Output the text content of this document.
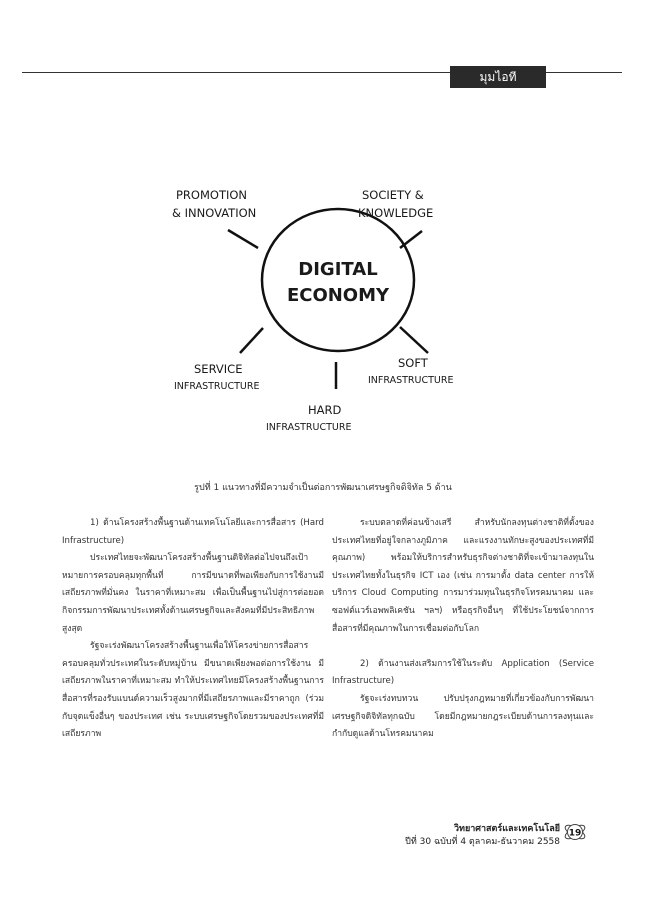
มุมไอที
DIGITAL
ECONOMY
PROMOTION
& INNOVATION
SOCIETY &
KNOWLEDGE
SERVICE
INFRASTRUCTURE
SOFT
INFRASTRUCTURE
HARD
INFRASTRUCTURE
รูปที่ 1 แนวทางที่มีความจำเป็นต่อการพัฒนาเศรษฐกิจดิจิทัล 5 ด้าน

1) ด้านโครงสร้างพื้นฐานด้านเทคโนโลยีและการสื่อสาร (Hard Infrastructure)

ประเทศไทยจะพัฒนาโครงสร้างพื้นฐานดิจิทัลต่อไปจนถึงเป้าหมายการครอบคลุมทุกพื้นที่ การมีขนาดที่พอเพียงกับการใช้งานมีเสถียรภาพที่มั่นคง ในราคาที่เหมาะสม เพื่อเป็นพื้นฐานไปสู่การต่อยอดกิจกรรมการพัฒนาประเทศทั้งด้านเศรษฐกิจและสังคมที่มีประสิทธิภาพสูงสุด

รัฐจะเร่งพัฒนาโครงสร้างพื้นฐานเพื่อให้โครงข่ายการสื่อสารครอบคลุมทั่วประเทศในระดับหมู่บ้าน มีขนาดเพียงพอต่อการใช้งาน มีเสถียรภาพในราคาที่เหมาะสม ทำให้ประเทศไทยมีโครงสร้างพื้นฐานการสื่อสารที่รองรับแบนด์ความเร็วสูงมากที่มีเสถียรภาพและมีราคาถูก (ร่วมกับจุดแข็งอื่นๆ ของประเทศ เช่น ระบบเศรษฐกิจโดยรวมของประเทศที่มีเสถียรภาพ

ระบบตลาดที่ค่อนข้างเสรี สำหรับนักลงทุนต่างชาติที่ตั้งของประเทศไทยที่อยู่ใจกลางภูมิภาค และแรงงานทักษะสูงของประเทศที่มีคุณภาพ) พร้อมให้บริการสำหรับธุรกิจต่างชาติที่จะเข้ามาลงทุนในประเทศไทยทั้งในธุรกิจ ICT เอง (เช่น การมาตั้ง data center การให้บริการ Cloud Computing การมาร่วมทุนในธุรกิจโทรคมนาคม และซอฟต์แวร์เอพพลิเคชัน ฯลฯ) หรือธุรกิจอื่นๆ ที่ใช้ประโยชน์จากการสื่อสารที่มีคุณภาพในการเชื่อมต่อกับโลก

2) ด้านงานส่งเสริมการใช้ในระดับ Application (Service Infrastructure)

รัฐจะเร่งทบทวน ปรับปรุงกฎหมายที่เกี่ยวข้องกับการพัฒนาเศรษฐกิจดิจิทัลทุกฉบับ โดยมีกฎหมายกฎระเบียบด้านการลงทุนและกำกับดูแลด้านโทรคมนาคม

วิทยาศาสตร์และเทคโนโลยี
ปีที่ 30 ฉบับที่ 4 ตุลาคม-ธันวาคม 2558
19
